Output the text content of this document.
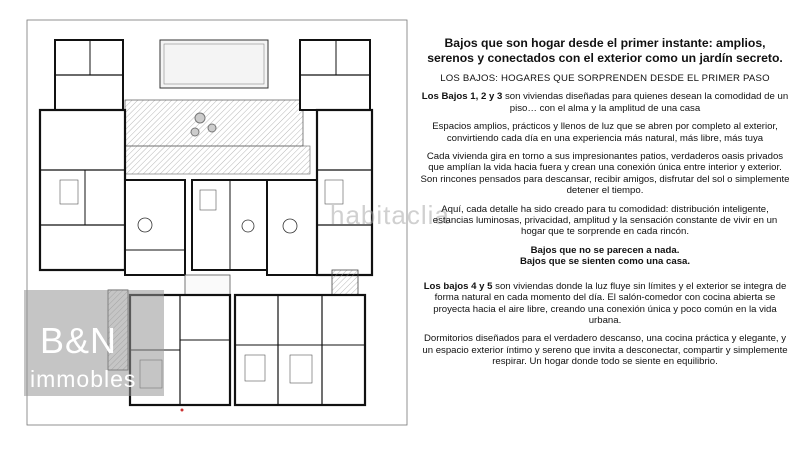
B&N
immobles
habitaclia

Bajos que son hogar desde el primer instante: amplios, serenos y conectados con el exterior como un jardín secreto.

LOS BAJOS: HOGARES QUE SORPRENDEN DESDE EL PRIMER PASO

Los Bajos 1, 2 y 3 son viviendas diseñadas para quienes desean la comodidad de un piso… con el alma y la amplitud de una casa

Espacios amplios, prácticos y llenos de luz que se abren por completo al exterior, convirtiendo cada día en una experiencia más natural, más libre, más tuya

Cada vivienda gira en torno a sus impresionantes patios, verdaderos oasis privados que amplían la vida hacia fuera y crean una conexión única entre interior y exterior. Son rincones pensados para descansar, recibir amigos, disfrutar del sol o simplemente detener el tiempo.

Aquí, cada detalle ha sido creado para tu comodidad: distribución inteligente, estancias luminosas, privacidad, amplitud y la sensación constante de vivir en un hogar que te sorprende en cada rincón.

Bajos que no se parecen a nada.
Bajos que se sienten como una casa.

Los bajos 4 y 5 son viviendas donde la luz fluye sin límites y el exterior se integra de forma natural en cada momento del día. El salón-comedor con cocina abierta se proyecta hacia el aire libre, creando una conexión única y poco común en la vida urbana.

Dormitorios diseñados para el verdadero descanso, una cocina práctica y elegante, y un espacio exterior íntimo y sereno que invita a desconectar, compartir y simplemente respirar. Un hogar donde todo se siente en equilibrio.
